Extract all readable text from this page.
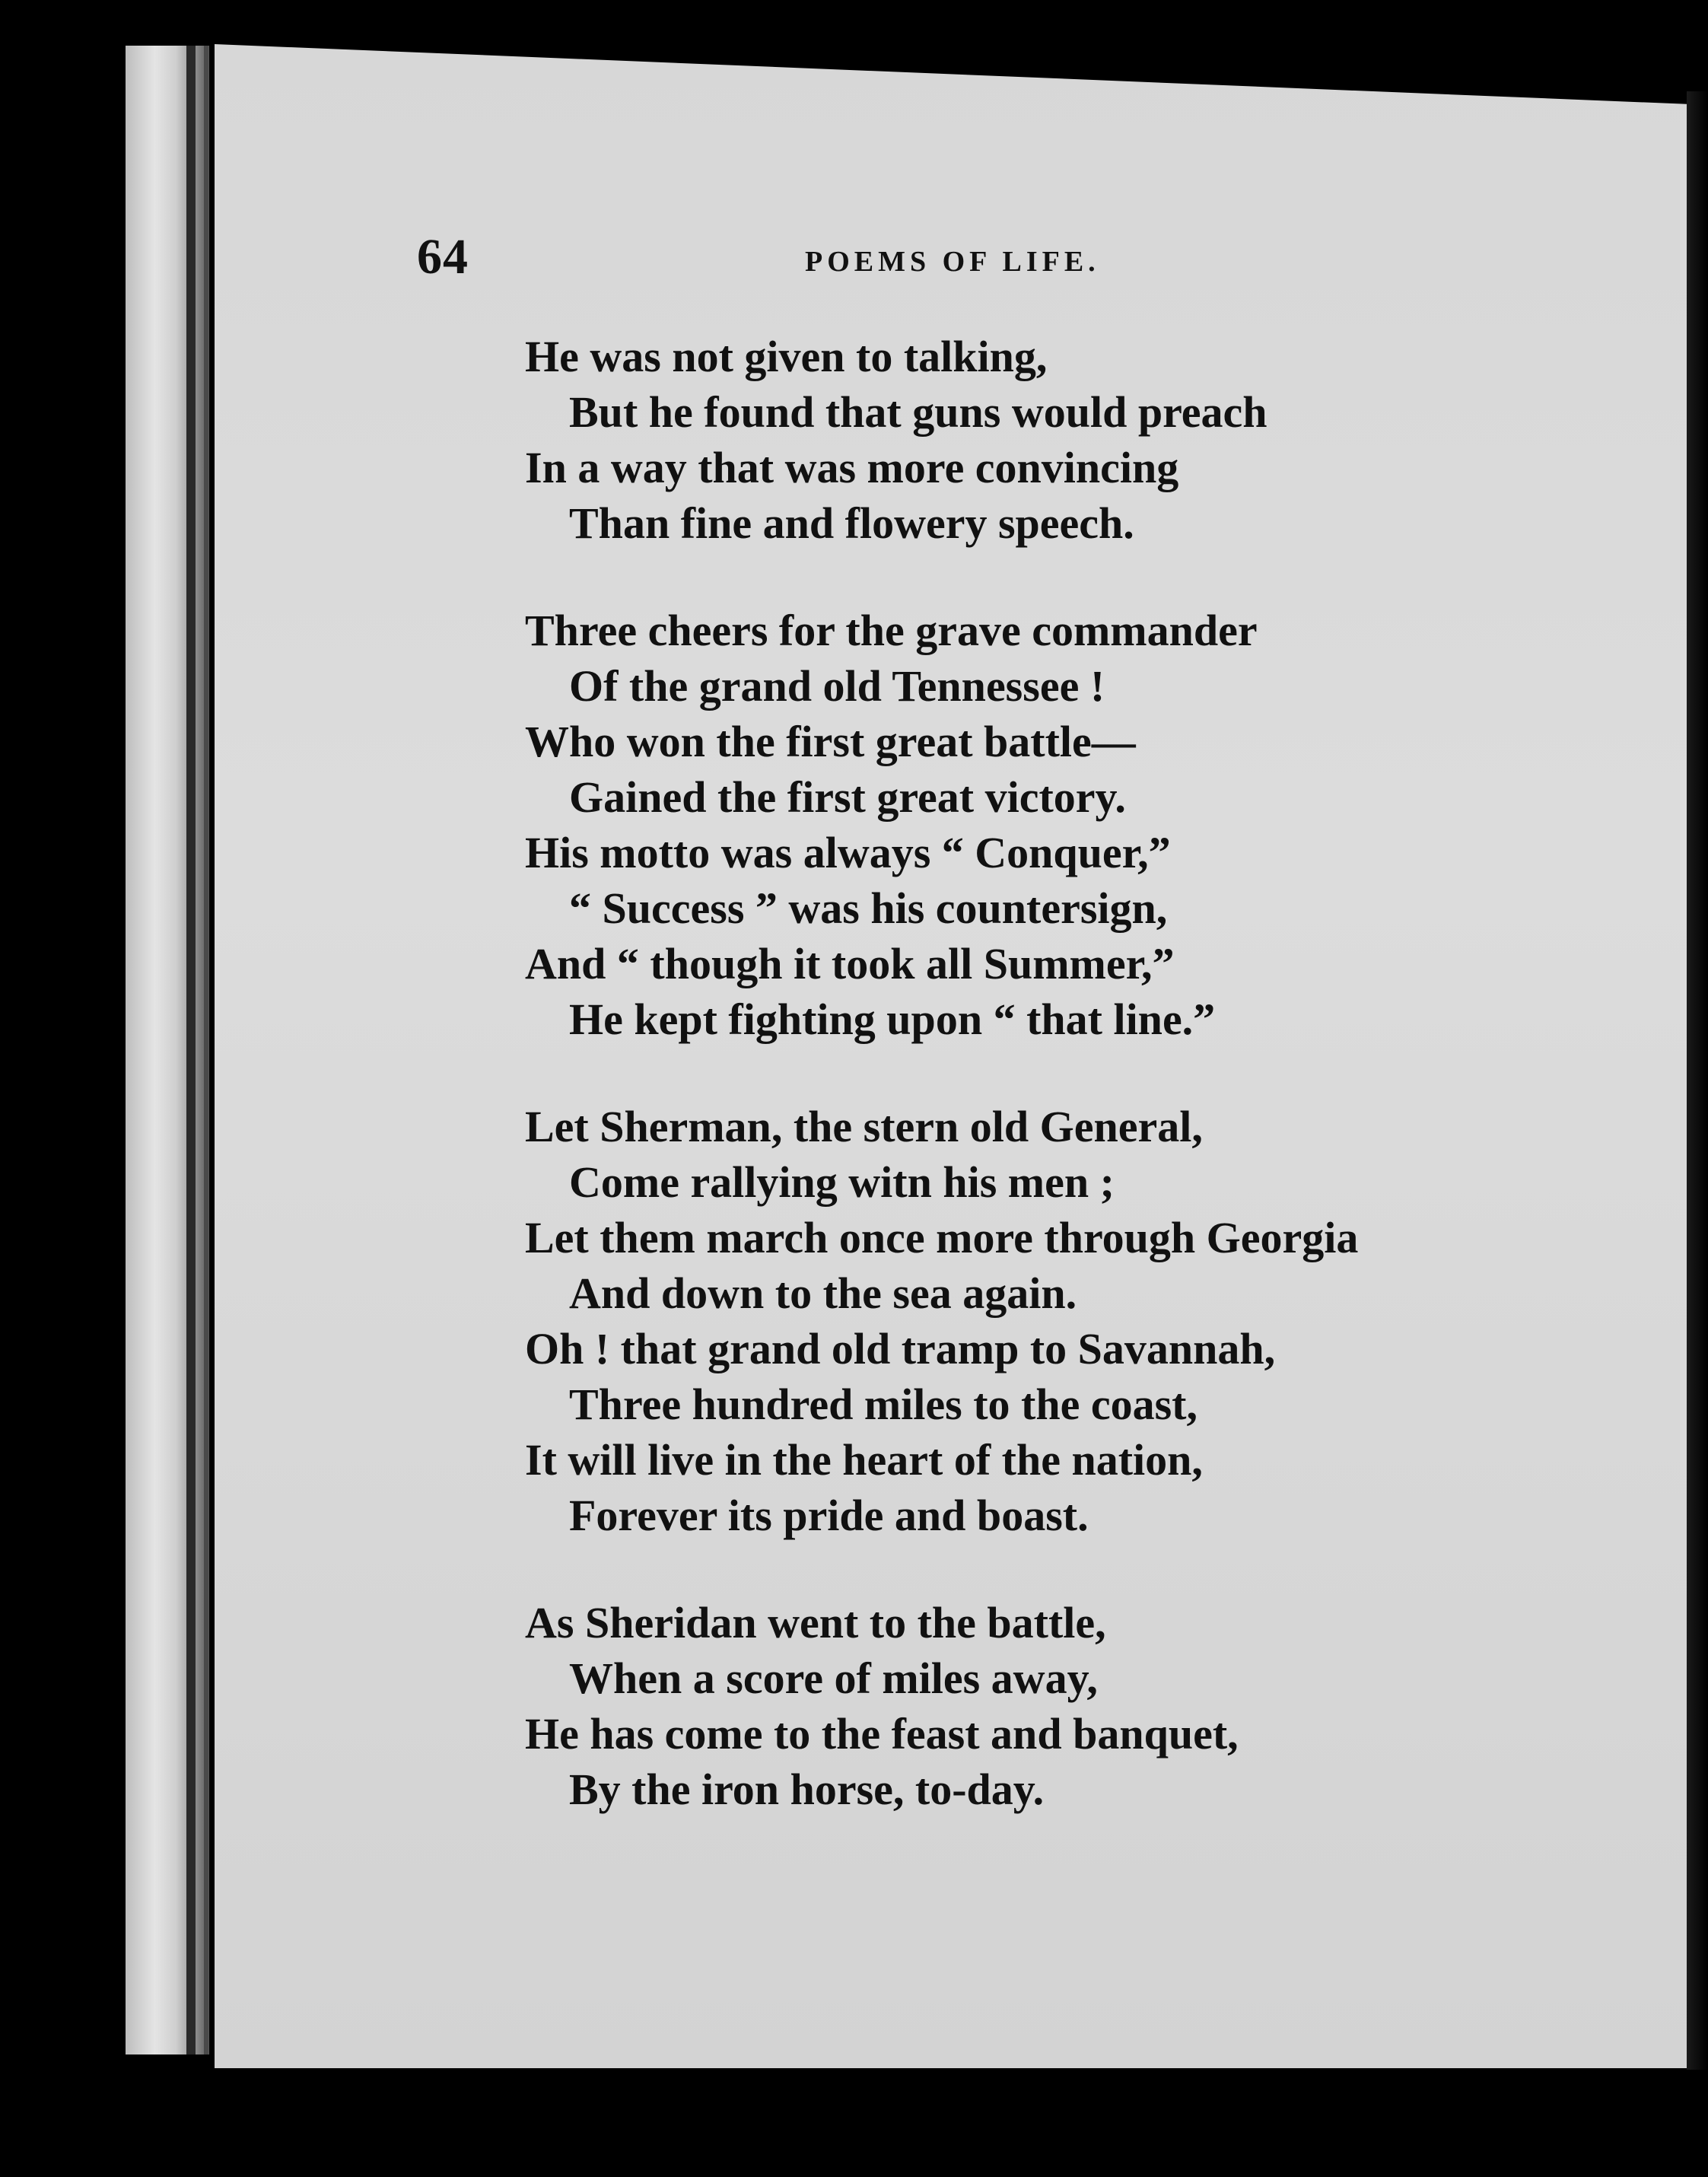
64	POEMS OF LIFE.
He was not given to talking,
But he found that guns would preach
In a way that was more convincing
Than fine and flowery speech.
Three cheers for the grave commander
Of the grand old Tennessee !
Who won the first great battle—
Gained the first great victory.
His motto was always “ Conquer,”
“ Success ” was his countersign,
And “ though it took all Summer,”
He kept fighting upon “ that line.”
Let Sherman, the stern old General,
Come rallying witn his men ;
Let them march once more through Georgia
And down to the sea again.
Oh ! that grand old tramp to Savannah,
Three hundred miles to the coast,
It will live in the heart of the nation,
Forever its pride and boast.
As Sheridan went to the battle,
When a score of miles away,
He has come to the feast and banquet,
By the iron horse, to-day.
